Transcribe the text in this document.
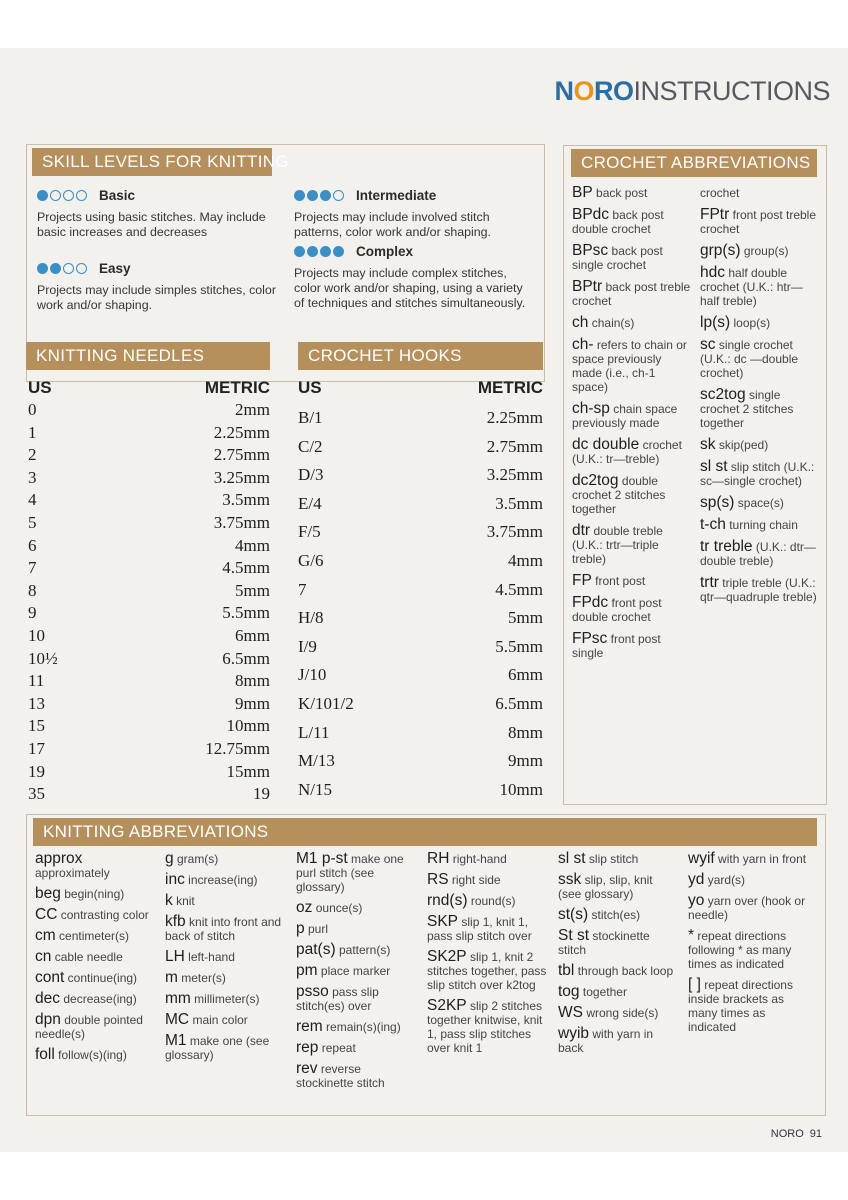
NOROINSTRUCTIONS
SKILL LEVELS FOR KNITTING
Basic

Projects using basic stitches. May include basic increases and decreases

Easy

Projects may include simples stitches, color work and/or shaping.

Intermediate

Projects may include involved stitch patterns, color work and/or shaping.

Complex

Projects may include complex stitches, color work and/or shaping, using a variety of techniques and stitches simultaneously.

KNITTING NEEDLES
US	METRIC
0	2mm
1	2.25mm
2	2.75mm
3	3.25mm
4	3.5mm
5	3.75mm
6	4mm
7	4.5mm
8	5mm
9	5.5mm
10	6mm
10½	6.5mm
11	8mm
13	9mm
15	10mm
17	12.75mm
19	15mm
35	19
CROCHET HOOKS
US	METRIC
B/1	2.25mm
C/2	2.75mm
D/3	3.25mm
E/4	3.5mm
F/5	3.75mm
G/6	4mm
7	4.5mm
H/8	5mm
I/9	5.5mm
J/10	6mm
K/101/2	6.5mm
L/11	8mm
M/13	9mm
N/15	10mm
CROCHET ABBREVIATIONS
BP back post
BPdc back post double crochet
BPsc back post single crochet
BPtr back post treble crochet
ch chain(s)
ch- refers to chain or space previously made (i.e., ch-1 space)
ch-sp chain space previously made
dc double crochet (U.K.: tr—treble)
dc2tog double crochet 2 stitches together
dtr double treble (U.K.: trtr—triple treble)
FP front post
FPdc front post double crochet
FPsc front post single
crochet
FPtr front post treble crochet
grp(s) group(s)
hdc half double crochet (U.K.: htr—half treble)
lp(s) loop(s)
sc single crochet (U.K.: dc —double crochet)
sc2tog single crochet 2 stitches together
sk skip(ped)
sl st slip stitch (U.K.: sc—single crochet)
sp(s) space(s)
t-ch turning chain
tr treble (U.K.: dtr—double treble)
trtr triple treble (U.K.: qtr—quadruple treble)
KNITTING ABBREVIATIONS
approx approximately
beg begin(ning)
CC contrasting color
cm centimeter(s)
cn cable needle
cont continue(ing)
dec decrease(ing)
dpn double pointed needle(s)
foll follow(s)(ing)
g gram(s)
inc increase(ing)
k knit
kfb knit into front and back of stitch
LH left-hand
m meter(s)
mm millimeter(s)
MC main color
M1 make one (see glossary)
M1 p-st make one purl stitch (see glossary)
oz ounce(s)
p purl
pat(s) pattern(s)
pm place marker
psso pass slip stitch(es) over
rem remain(s)(ing)
rep repeat
rev reverse stockinette stitch
RH right-hand
RS right side
rnd(s) round(s)
SKP slip 1, knit 1, pass slip stitch over
SK2P slip 1, knit 2 stitches together, pass slip stitch over k2tog
S2KP slip 2 stitches together knitwise, knit 1, pass slip stitches over knit 1
sl st slip stitch
ssk slip, slip, knit (see glossary)
st(s) stitch(es)
St st stockinette stitch
tbl through back loop
tog together
WS wrong side(s)
wyib with yarn in back
wyif with yarn in front
yd yard(s)
yo yarn over (hook or needle)
* repeat directions following * as many times as indicated
[ ] repeat directions inside brackets as many times as indicated
NORO 91
